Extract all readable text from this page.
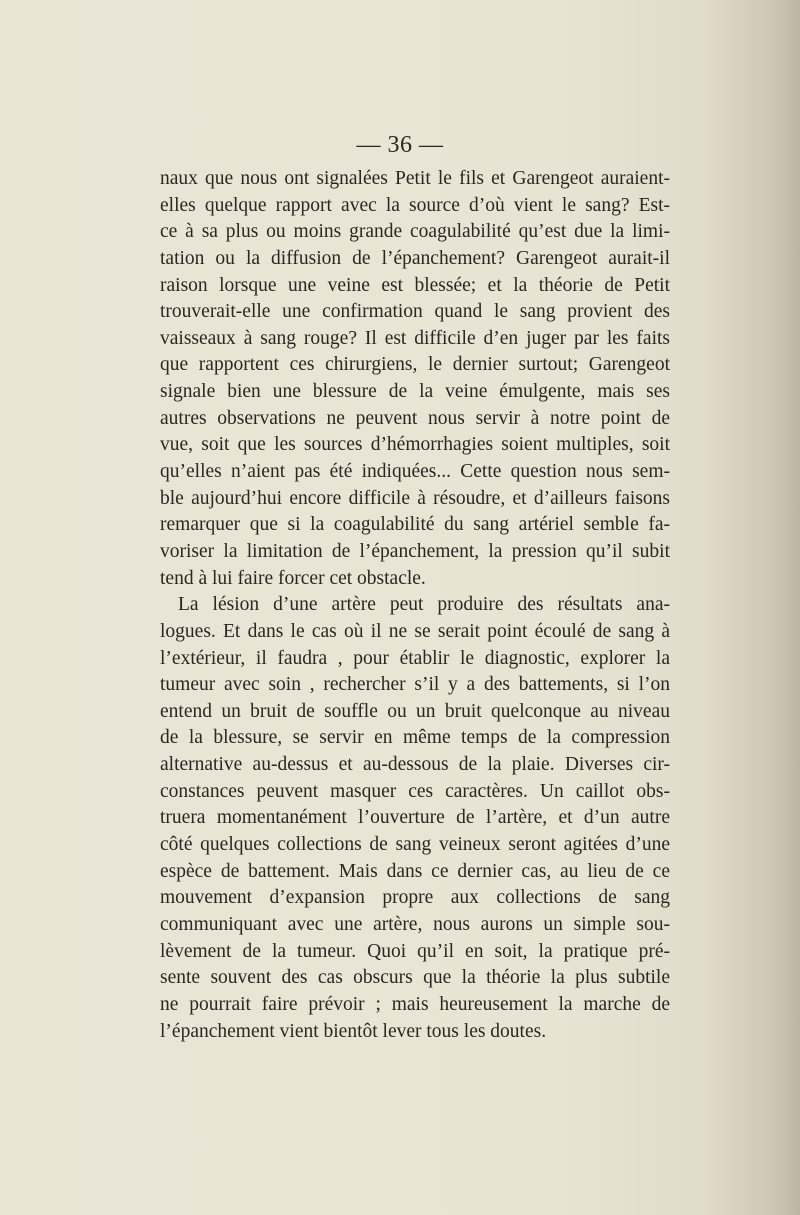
— 36 —
naux que nous ont signalées Petit le fils et Garengeot auraient-
elles quelque rapport avec la source d’où vient le sang? Est-
ce à sa plus ou moins grande coagulabilité qu’est due la limi-
tation ou la diffusion de l’épanchement? Garengeot aurait-il
raison lorsque une veine est blessée; et la théorie de Petit
trouverait-elle une confirmation quand le sang provient des
vaisseaux à sang rouge? Il est difficile d’en juger par les faits
que rapportent ces chirurgiens, le dernier surtout; Garengeot
signale bien une blessure de la veine émulgente, mais ses
autres observations ne peuvent nous servir à notre point de
vue, soit que les sources d’hémorrhagies soient multiples, soit
qu’elles n’aient pas été indiquées... Cette question nous sem-
ble aujourd’hui encore difficile à résoudre, et d’ailleurs faisons
remarquer que si la coagulabilité du sang artériel semble fa-
voriser la limitation de l’épanchement, la pression qu’il subit
tend à lui faire forcer cet obstacle.
La lésion d’une artère peut produire des résultats ana-
logues. Et dans le cas où il ne se serait point écoulé de sang à
l’extérieur, il faudra , pour établir le diagnostic, explorer la
tumeur avec soin , rechercher s’il y a des battements, si l’on
entend un bruit de souffle ou un bruit quelconque au niveau
de la blessure, se servir en même temps de la compression
alternative au-dessus et au-dessous de la plaie. Diverses cir-
constances peuvent masquer ces caractères. Un caillot obs-
truera momentanément l’ouverture de l’artère, et d’un autre
côté quelques collections de sang veineux seront agitées d’une
espèce de battement. Mais dans ce dernier cas, au lieu de ce
mouvement d’expansion propre aux collections de sang
communiquant avec une artère, nous aurons un simple sou-
lèvement de la tumeur. Quoi qu’il en soit, la pratique pré-
sente souvent des cas obscurs que la théorie la plus subtile
ne pourrait faire prévoir ; mais heureusement la marche de
l’épanchement vient bientôt lever tous les doutes.
